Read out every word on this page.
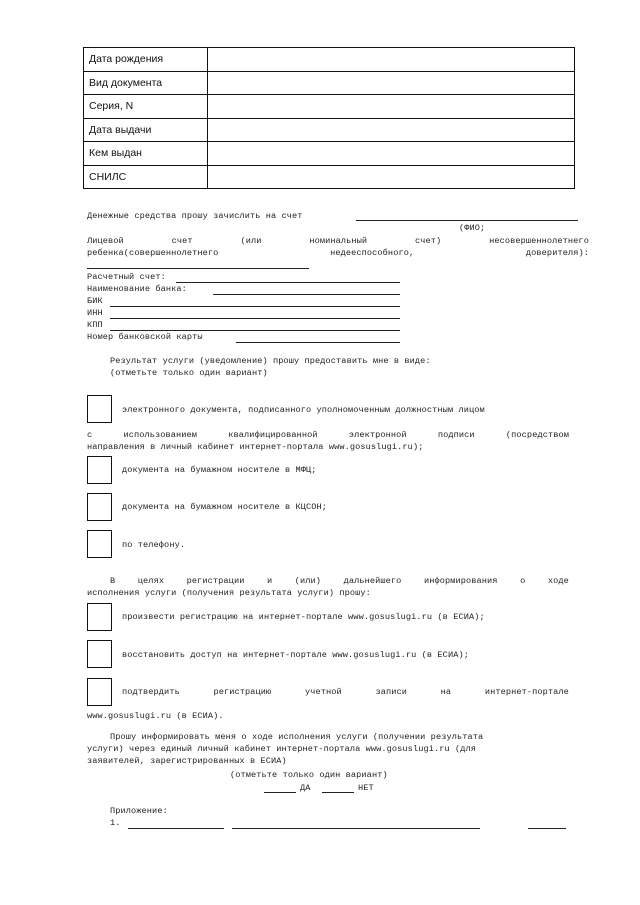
Дата рождения	
Вид документа	
Серия, N	
Дата выдачи	
Кем выдан	
СНИЛС	
Денежные средства прошу зачислить на счет
(ФИО;
Лицевой	счет	(или	номинальный	счет)	несовершеннолетнего
ребенка(совершеннолетнего	недееспособного,	доверителя):
Расчетный счет:
Наименование банка:
БИК
ИНН
КПП
Номер банковской карты
Результат услуги (уведомление) прошу предоставить мне в виде:
(отметьте только один вариант)
электронного документа, подписанного уполномоченным должностным лицом
с	использованием	квалифицированной	электронной	подписи	(посредством
направления в личный кабинет интернет-портала www.gosuslugi.ru);
документа на бумажном носителе в МФЦ;
документа на бумажном носителе в КЦСОН;
по телефону.
В	целях	регистрации	и	(или)	дальнейшего	информирования	о	ходе
исполнения услуги (получения результата услуги) прошу:
произвести регистрацию на интернет-портале www.gosuslugi.ru (в ЕСИА);
восстановить доступ на интернет-портале www.gosuslugi.ru (в ЕСИА);
подтвердить	регистрацию	учетной	записи	на	интернет-портале
www.gosuslugi.ru (в ЕСИА).
Прошу информировать меня о ходе исполнения услуги (получении результата
услуги) через единый личный кабинет интернет-портала www.gosuslugi.ru (для
заявителей, зарегистрированных в ЕСИА)
(отметьте только один вариант)
ДА	НЕТ
Приложение:
1.
